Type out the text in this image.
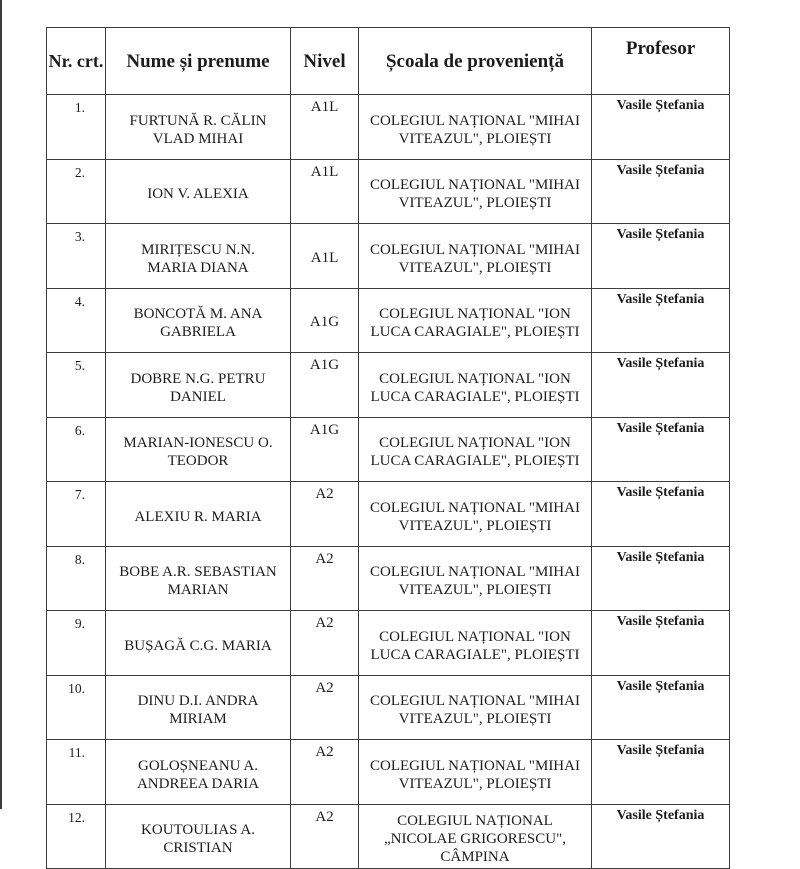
Nr. crt.	Nume și prenume	Nivel	Școala de proveniență	Profesor
1.	FURTUNĂ R. CĂLIN VLAD MIHAI	A1L	COLEGIUL NAȚIONAL "MIHAI VITEAZUL", PLOIEȘTI	Vasile Ștefania
2.	ION V. ALEXIA	A1L	COLEGIUL NAȚIONAL "MIHAI VITEAZUL", PLOIEȘTI	Vasile Ștefania
3.	MIRIȚESCU N.N. MARIA DIANA	A1L	COLEGIUL NAȚIONAL "MIHAI VITEAZUL", PLOIEȘTI	Vasile Ștefania
4.	BONCOTĂ M. ANA GABRIELA	A1G	COLEGIUL NAȚIONAL "ION LUCA CARAGIALE", PLOIEȘTI	Vasile Ștefania
5.	DOBRE N.G. PETRU DANIEL	A1G	COLEGIUL NAȚIONAL "ION LUCA CARAGIALE", PLOIEȘTI	Vasile Ștefania
6.	MARIAN-IONESCU O. TEODOR	A1G	COLEGIUL NAȚIONAL "ION LUCA CARAGIALE", PLOIEȘTI	Vasile Ștefania
7.	ALEXIU R. MARIA	A2	COLEGIUL NAȚIONAL "MIHAI VITEAZUL", PLOIEȘTI	Vasile Ștefania
8.	BOBE A.R. SEBASTIAN MARIAN	A2	COLEGIUL NAȚIONAL "MIHAI VITEAZUL", PLOIEȘTI	Vasile Ștefania
9.	BUȘAGĂ C.G. MARIA	A2	COLEGIUL NAȚIONAL "ION LUCA CARAGIALE", PLOIEȘTI	Vasile Ștefania
10.	DINU D.I. ANDRA MIRIAM	A2	COLEGIUL NAȚIONAL "MIHAI VITEAZUL", PLOIEȘTI	Vasile Ștefania
11.	GOLOȘNEANU A. ANDREEA DARIA	A2	COLEGIUL NAȚIONAL "MIHAI VITEAZUL", PLOIEȘTI	Vasile Ștefania
12.	KOUTOULIAS A. CRISTIAN	A2	COLEGIUL NAȚIONAL „NICOLAE GRIGORESCU", CÂMPINA	Vasile Ștefania
